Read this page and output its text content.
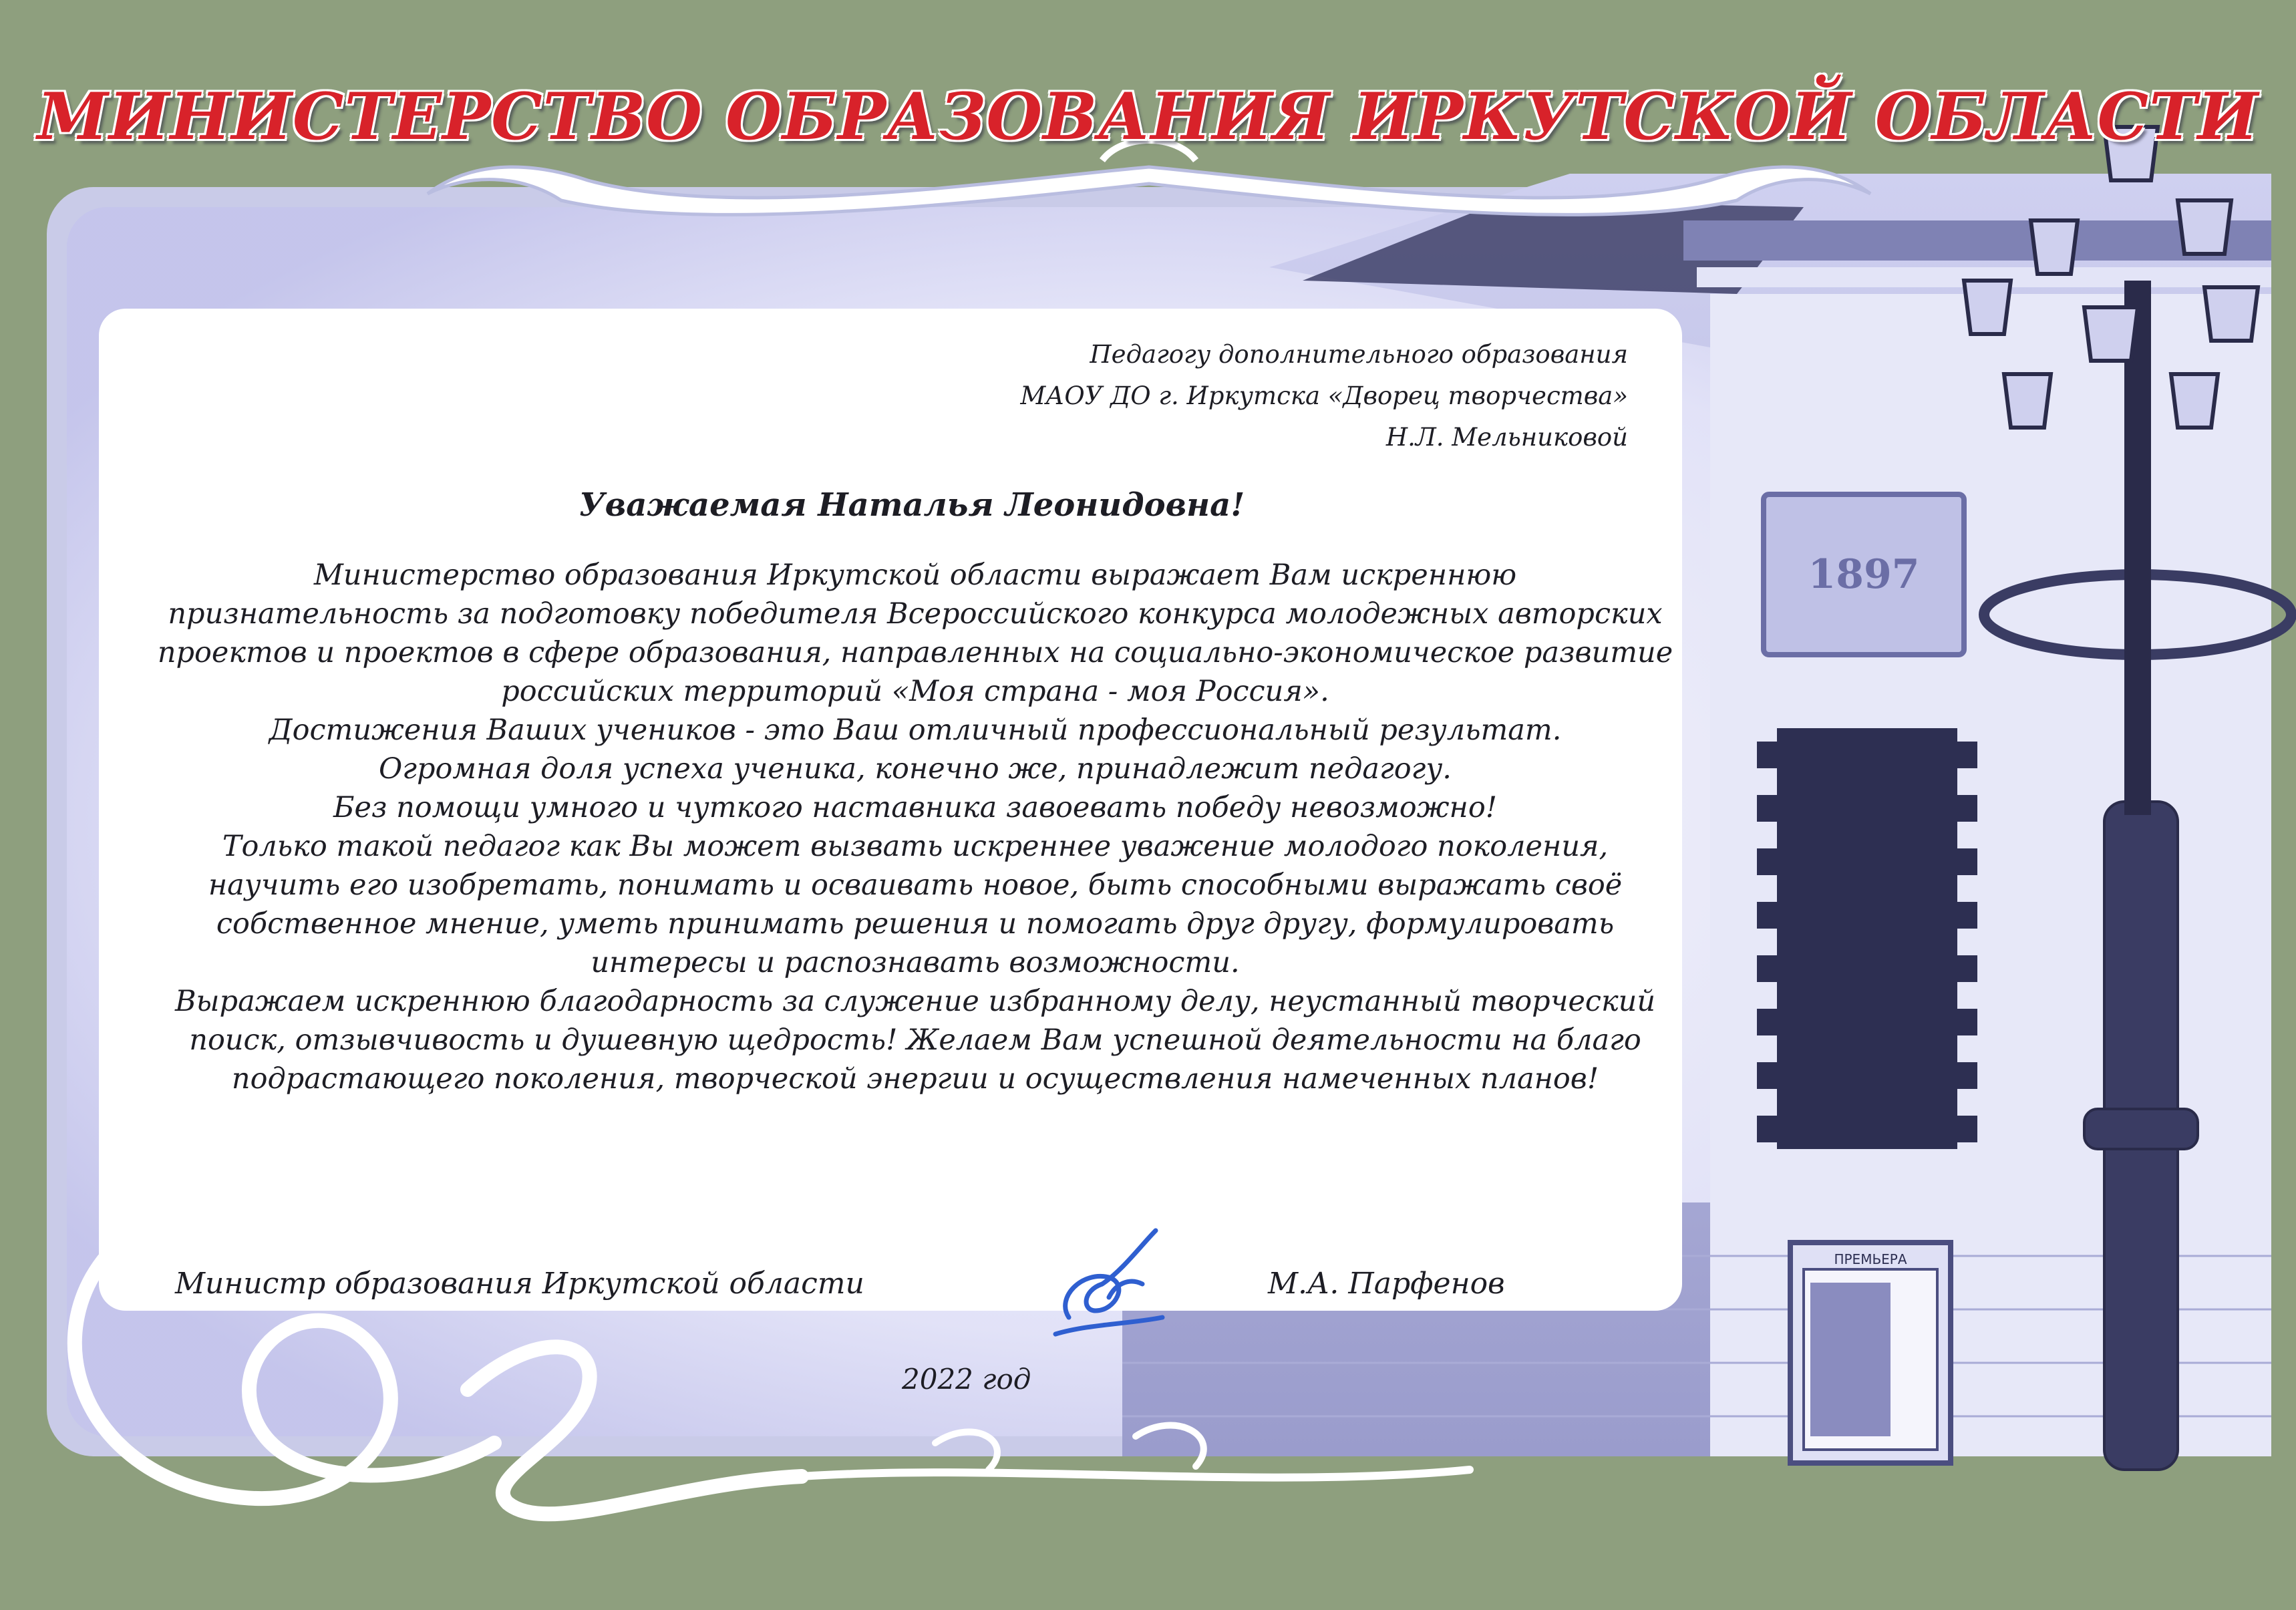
1897
ПРЕМЬЕРА
МИНИСТЕРСТВО ОБРАЗОВАНИЯ ИРКУТСКОЙ ОБЛАСТИ
Педагогу дополнительного образования
МАОУ ДО г. Иркутска «Дворец творчества»
Н.Л. Мельниковой
Уважаемая Наталья Леонидовна!

Министерство образования Иркутской области выражает Вам искреннюю

признательность за подготовку победителя Всероссийского конкурса молодежных авторских

проектов и проектов в сфере образования, направленных на социально-экономическое развитие

российских территорий «Моя страна - моя Россия».

Достижения Ваших учеников - это Ваш отличный профессиональный результат.

Огромная доля успеха ученика, конечно же, принадлежит педагогу.

Без помощи умного и чуткого наставника завоевать победу невозможно!

Только такой педагог как Вы может вызвать искреннее уважение молодого поколения,

научить его изобретать, понимать и осваивать новое, быть способными выражать своё

собственное мнение, уметь принимать решения и помогать друг другу, формулировать

интересы и распознавать возможности.

Выражаем искреннюю благодарность за служение избранному делу, неустанный творческий

поиск, отзывчивость и душевную щедрость! Желаем Вам успешной деятельности на благо

подрастающего поколения, творческой энергии и осуществления намеченных планов!

Министр образования Иркутской области	М.А. Парфенов
2022 год
